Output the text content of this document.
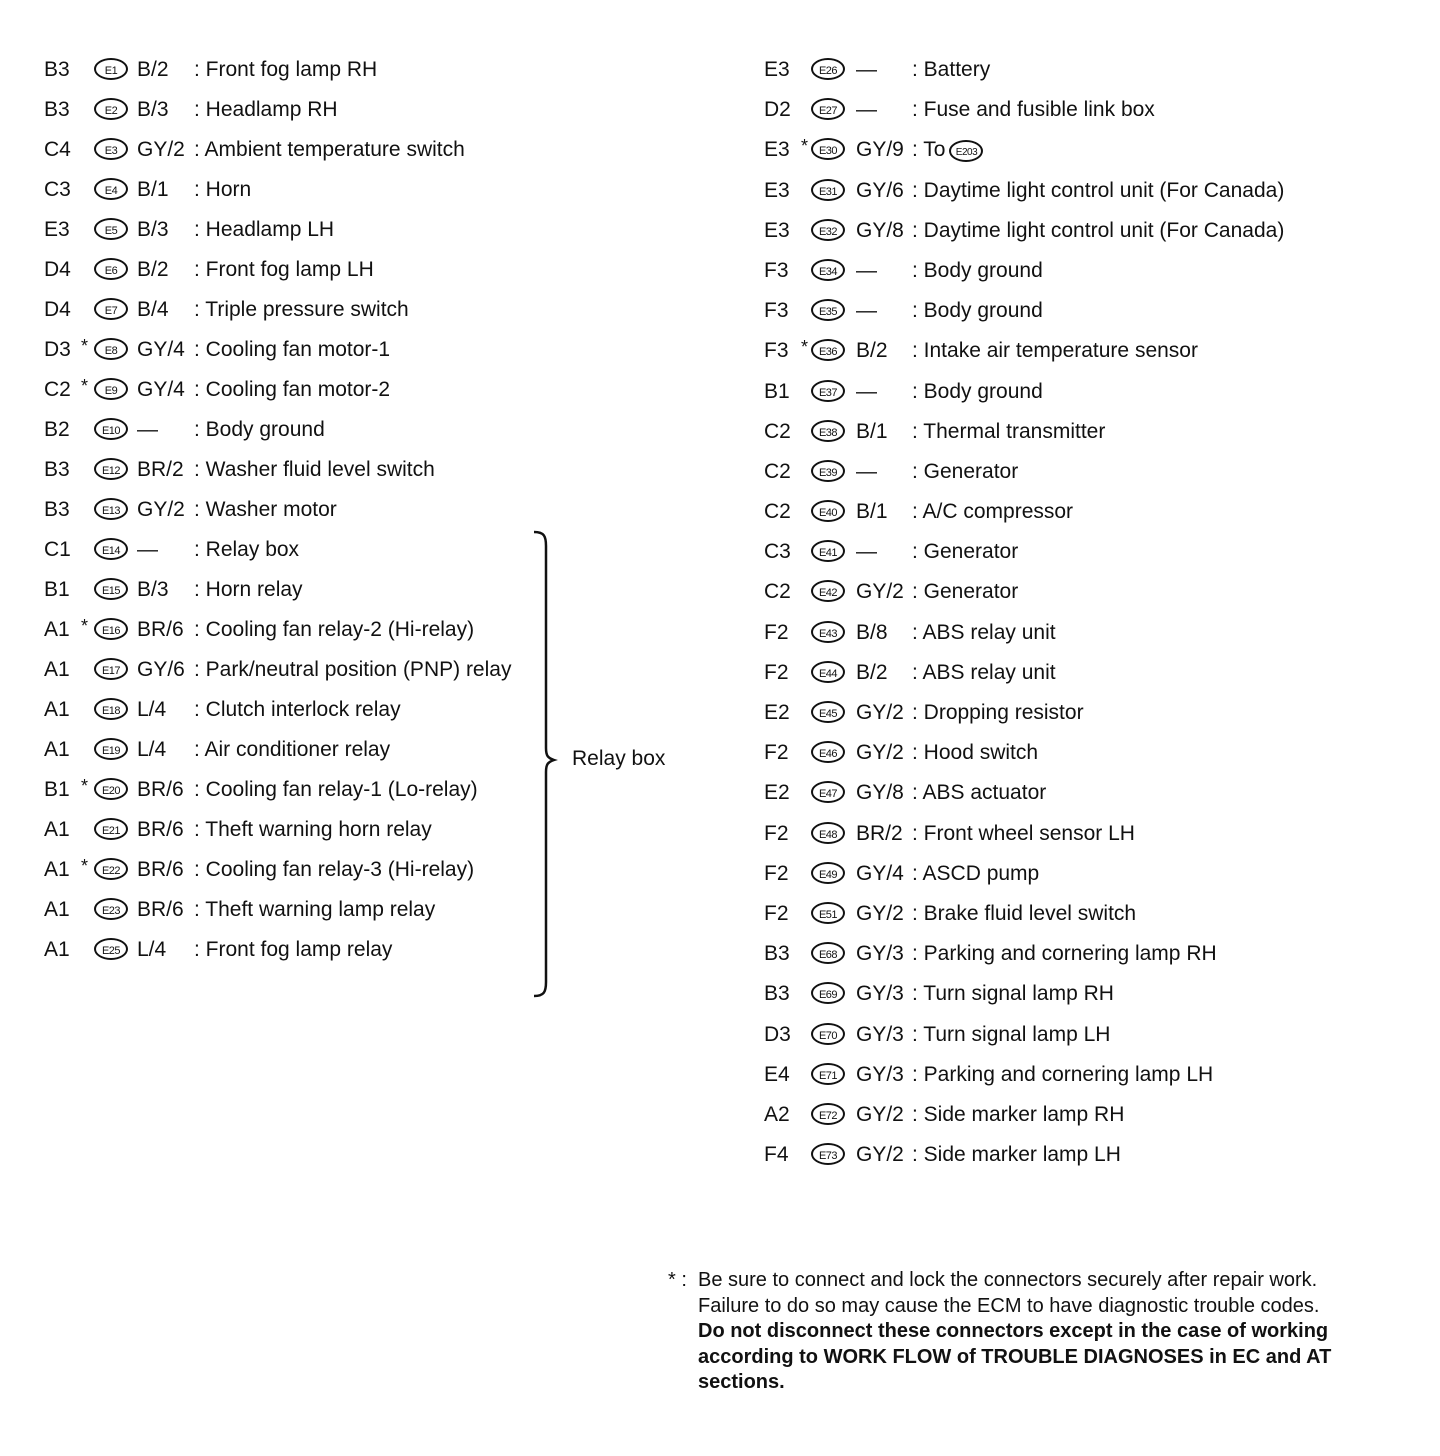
B3	E1 B/2	: Front fog lamp RH
B3	E2 B/3	: Headlamp RH
C4	E3 GY/2 : Ambient temperature switch
C3	E4 B/1	: Horn
E3	E5 B/3	: Headlamp LH
D4	E6 B/2	: Front fog lamp LH
D4	E7 B/4	: Triple pressure switch
D3 *	E8 GY/4 : Cooling fan motor-1
C2 *	E9 GY/4 : Cooling fan motor-2
B2	E10 —	: Body ground
B3	E12 BR/2 : Washer fluid level switch
B3	E13 GY/2 : Washer motor
C1	E14 —	: Relay box
B1	E15 B/3	: Horn relay
A1 *	E16 BR/6 : Cooling fan relay-2 (Hi-relay)
A1	E17 GY/6 : Park/neutral position (PNP) relay
A1	E18 L/4	: Clutch interlock relay
A1	E19 L/4	: Air conditioner relay
B1 *	E20 BR/6 : Cooling fan relay-1 (Lo-relay)
A1	E21 BR/6 : Theft warning horn relay
A1 *	E22 BR/6 : Cooling fan relay-3 (Hi-relay)
A1	E23 BR/6 : Theft warning lamp relay
A1	E25 L/4	: Front fog lamp relay
E3	E26 —	: Battery
D2	E27 —	: Fuse and fusible link box
E3 * E30 GY/9 : To E203
E3	E31 GY/6 : Daytime light control unit (For Canada)
E3	E32 GY/8 : Daytime light control unit (For Canada)
F3	E34 —	: Body ground
F3	E35 —	: Body ground
F3 * E36 B/2	: Intake air temperature sensor
B1	E37 —	: Body ground
C2	E38 B/1	: Thermal transmitter
C2	E39 —	: Generator
C2	E40 B/1	: A/C compressor
C3	E41 —	: Generator
C2	E42 GY/2 : Generator
F2	E43 B/8	: ABS relay unit
F2	E44 B/2	: ABS relay unit
E2	E45 GY/2 : Dropping resistor
F2	E46 GY/2 : Hood switch
E2	E47 GY/8 : ABS actuator
F2	E48 BR/2 : Front wheel sensor LH
F2	E49 GY/4 : ASCD pump
F2	E51 GY/2 : Brake fluid level switch
B3	E68 GY/3 : Parking and cornering lamp RH
B3	E69 GY/3 : Turn signal lamp RH
D3	E70 GY/3 : Turn signal lamp LH
E4	E71 GY/3 : Parking and cornering lamp LH
A2	E72 GY/2 : Side marker lamp RH
F4	E73 GY/2 : Side marker lamp LH
Relay box
* : Be sure to connect and lock the connectors securely after repair work. Failure to do so may cause the ECM to have diagnostic trouble codes.

Do not disconnect these connectors except in the case of working according to WORK FLOW of TROUBLE DIAGNOSES in EC and AT sections.
